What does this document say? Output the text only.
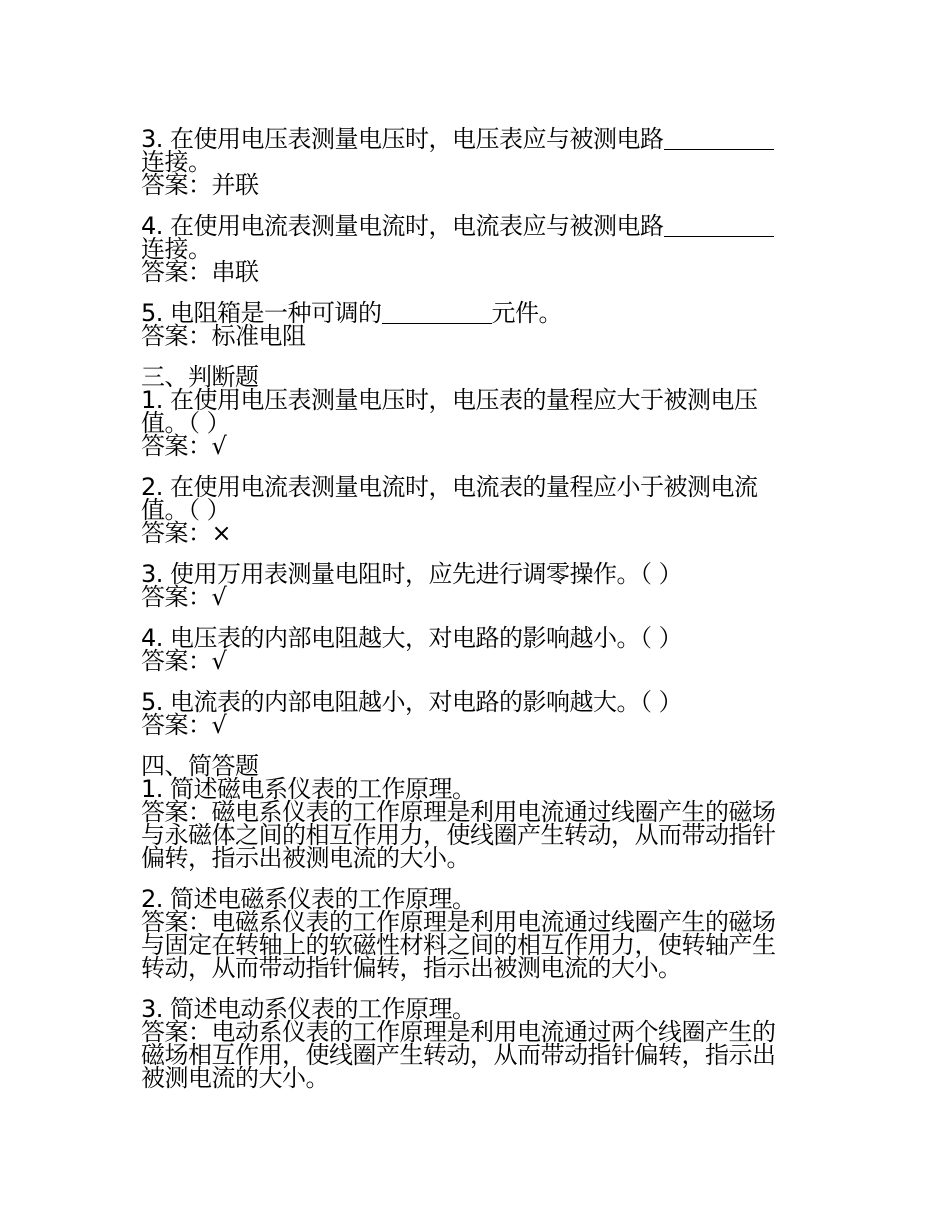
3. 在使用电压表测量电压时，电压表应与被测电路
连接。
答案：并联
4. 在使用电流表测量电流时，电流表应与被测电路
连接。
答案：串联
5. 电阻箱是一种可调的	元件。
答案：标准电阻
三、判断题
1. 在使用电压表测量电压时，电压表的量程应大于被测电压
值。（ ）
答案：√
2. 在使用电流表测量电流时，电流表的量程应小于被测电流
值。（ ）
答案：×
3. 使用万用表测量电阻时，应先进行调零操作。（ ）
答案：√
4. 电压表的内部电阻越大，对电路的影响越小。（ ）
答案：√
5. 电流表的内部电阻越小，对电路的影响越大。（ ）
答案：√
四、简答题
1. 简述磁电系仪表的工作原理。
答案：磁电系仪表的工作原理是利用电流通过线圈产生的磁场
与永磁体之间的相互作用力，使线圈产生转动，从而带动指针
偏转，指示出被测电流的大小。
2. 简述电磁系仪表的工作原理。
答案：电磁系仪表的工作原理是利用电流通过线圈产生的磁场
与固定在转轴上的软磁性材料之间的相互作用力，使转轴产生
转动，从而带动指针偏转，指示出被测电流的大小。
3. 简述电动系仪表的工作原理。
答案：电动系仪表的工作原理是利用电流通过两个线圈产生的
磁场相互作用，使线圈产生转动，从而带动指针偏转，指示出
被测电流的大小。
